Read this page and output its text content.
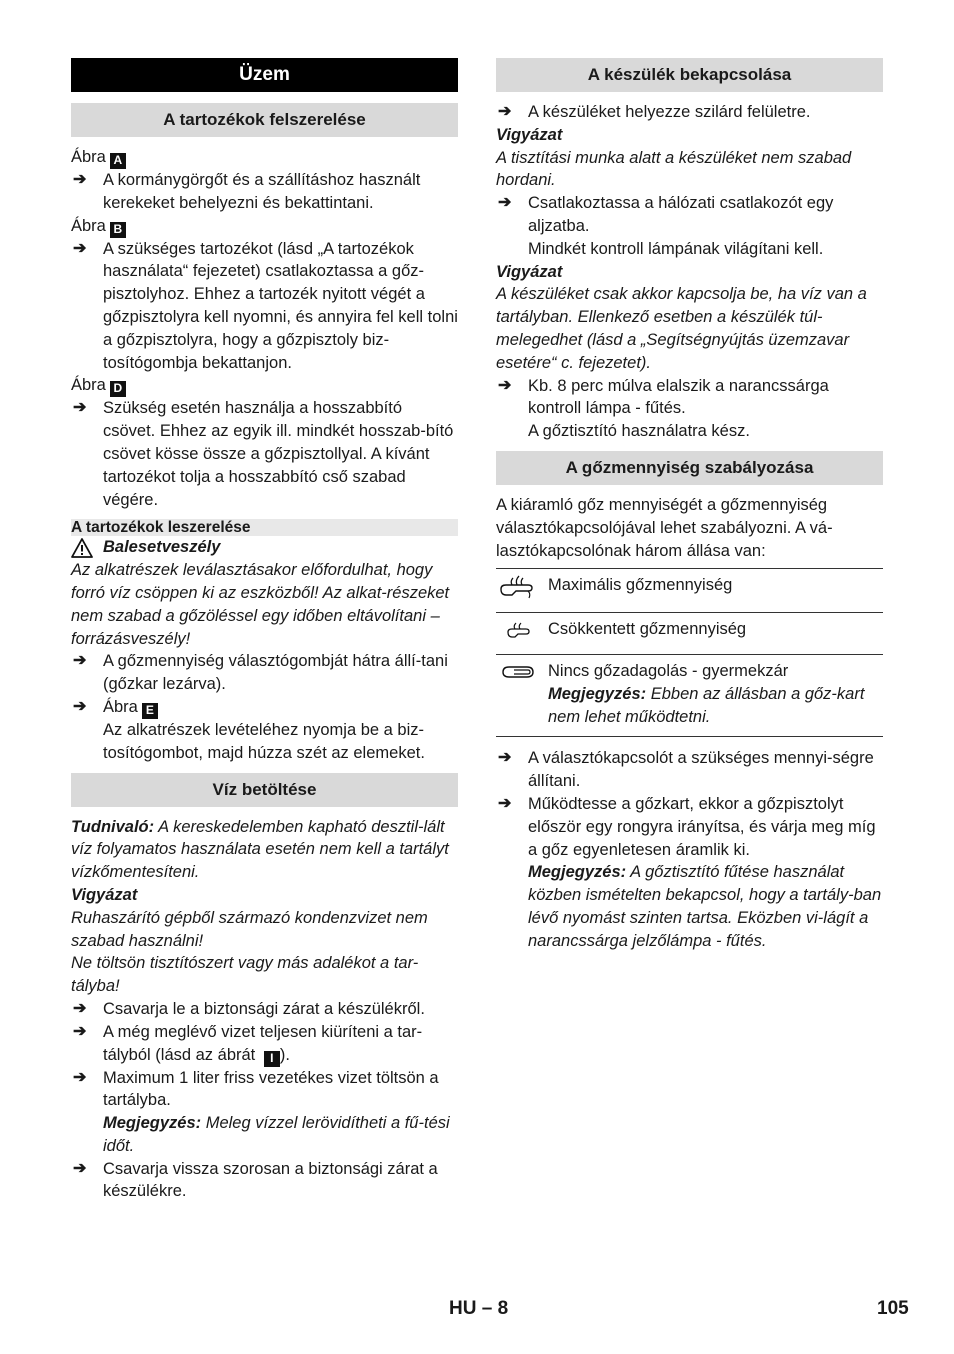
Üzem
A tartozékok felszerelése
Ábra A
➔ A kormánygörgőt és a szállításhoz használt kerekeket behelyezni és bekattintani.
Ábra B
➔ A szükséges tartozékot (lásd „A tartozékok használata“ fejezetet) csatlakoztassa a gőz-pisztolyhoz. Ehhez a tartozék nyitott végét a gőzpisztolyra kell nyomni, és annyira fel kell tolni a gőzpisztolyra, hogy a gőzpisztoly biz-tosítógombja bekattanjon.
Ábra D
➔ Szükség esetén használja a hosszabbító csövet. Ehhez az egyik ill. mindkét hosszab-bító csövet kösse össze a gőzpisztollyal. A kívánt tartozékot tolja a hosszabbító cső szabad végére.
A tartozékok leszerelése
Balesetveszély
Az alkatrészek leválasztásakor előfordulhat, hogy forró víz csöppen ki az eszközből! Az alkat-részeket nem szabad a gőzöléssel egy időben eltávolítani – forrázásveszély!
➔ A gőzmennyiség választógombját hátra állí-tani (gőzkar lezárva).
➔ Ábra E
Az alkatrészek levételéhez nyomja be a biz-tosítógombot, majd húzza szét az elemeket.
Víz betöltése
Tudnivaló: A kereskedelemben kapható desztil-lált víz folyamatos használata esetén nem kell a tartályt vízkőmentesíteni.
Vigyázat
Ruhaszárító gépből származó kondenzvizet nem szabad használni!
Ne töltsön tisztítószert vagy más adalékot a tar-tályba!
➔ Csavarja le a biztonsági zárat a készülékről.
➔ A még meglévő vizet teljesen kiüríteni a tar-tályból (lásd az ábrát I ).
➔ Maximum 1 liter friss vezetékes vizet töltsön a tartályba.
Megjegyzés: Meleg vízzel lerövidítheti a fű-tési időt.
➔ Csavarja vissza szorosan a biztonsági zárat a készülékre.
A készülék bekapcsolása
➔ A készüléket helyezze szilárd felületre.
Vigyázat
A tisztítási munka alatt a készüléket nem szabad hordani.
➔ Csatlakoztassa a hálózati csatlakozót egy aljzatba.
Mindkét kontroll lámpának világítani kell.
Vigyázat
A készüléket csak akkor kapcsolja be, ha víz van a tartályban. Ellenkező esetben a készülék túl-melegedhet (lásd a „Segítségnyújtás üzemzavar esetére“ c. fejezetet).
➔ Kb. 8 perc múlva elalszik a narancssárga kontroll lámpa - fűtés.
A gőztisztító használatra kész.
A gőzmennyiség szabályozása
A kiáramló gőz mennyiségét a gőzmennyiség választókapcsolójával lehet szabályozni. A vá-lasztókapcsolónak három állása van:
	Maximális gőzmennyiség
	Csökkentett gőzmennyiség

Nincs gőzadagolás - gyermekzár
Megjegyzés: Ebben az állásban a gőz-kart nem lehet működtetni.
➔ A választókapcsolót a szükséges mennyi-ségre állítani.
➔ Működtesse a gőzkart, ekkor a gőzpisztolyt először egy rongyra irányítsa, és várja meg míg a gőz egyenletesen áramlik ki.
Megjegyzés: A gőztisztító fűtése használat közben ismételten bekapcsol, hogy a tartály-ban lévő nyomást szinten tartsa. Eközben vi-lágít a narancssárga jelzőlámpa - fűtés.
HU – 8	105
